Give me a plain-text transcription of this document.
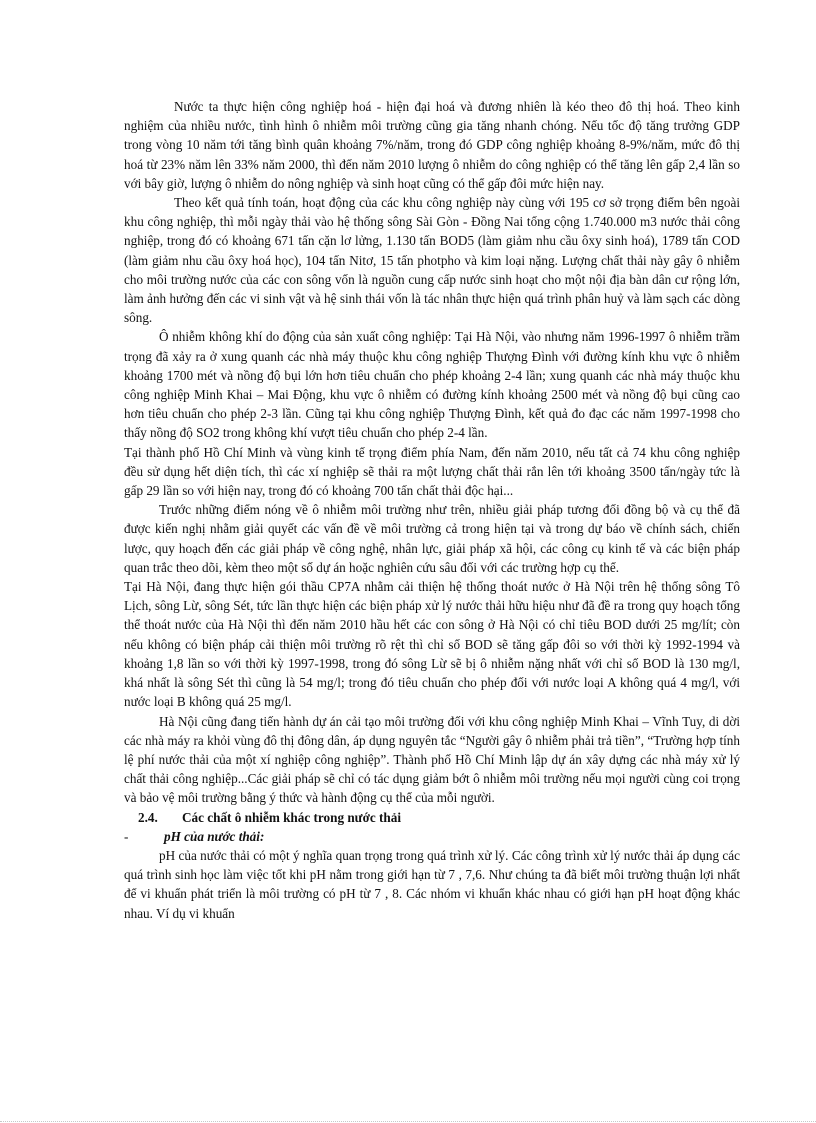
Nước ta thực hiện công nghiệp hoá - hiện đại hoá và đương nhiên là kéo theo đô thị hoá. Theo kinh nghiệm của nhiều nước, tình hình ô nhiễm môi trường cũng gia tăng nhanh chóng. Nếu tốc độ tăng trưởng GDP trong vòng 10 năm tới tăng bình quân khoảng 7%/năm, trong đó GDP công nghiệp khoảng 8-9%/năm, mức đô thị hoá từ 23% năm lên 33% năm 2000, thì đến năm 2010 lượng ô nhiễm do công nghiệp có thể tăng lên gấp 2,4 lần so với bây giờ, lượng ô nhiễm do nông nghiệp và sinh hoạt cũng có thể gấp đôi mức hiện nay.

Theo kết quả tính toán, hoạt động của các khu công nghiệp này cùng với 195 cơ sở trọng điểm bên ngoài khu công nghiệp, thì mỗi ngày thải vào hệ thống sông Sài Gòn - Đồng Nai tổng cộng 1.740.000 m3 nước thải công nghiệp, trong đó có khoảng 671 tấn cặn lơ lửng, 1.130 tấn BOD5 (làm giảm nhu cầu ôxy sinh hoá), 1789 tấn COD (làm giảm nhu cầu ôxy hoá học), 104 tấn Nitơ, 15 tấn photpho và kim loại nặng. Lượng chất thải này gây ô nhiễm cho môi trường nước của các con sông vốn là nguồn cung cấp nước sinh hoạt cho một nội địa bàn dân cư rộng lớn, làm ảnh hưởng đến các vi sinh vật và hệ sinh thái vốn là tác nhân thực hiện quá trình phân huỷ và làm sạch các dòng sông.

Ô nhiễm không khí do động của sản xuất công nghiệp: Tại Hà Nội, vào nhưng năm 1996-1997 ô nhiễm trầm trọng đã xảy ra ở xung quanh các nhà máy thuộc khu công nghiệp Thượng Đình với đường kính khu vực ô nhiễm khoảng 1700 mét và nồng độ bụi lớn hơn tiêu chuẩn cho phép khoảng 2-4 lần; xung quanh các nhà máy thuộc khu công nghiệp Minh Khai – Mai Động, khu vực ô nhiễm có đường kính khoảng 2500 mét và nồng độ bụi cũng cao hơn tiêu chuẩn cho phép 2-3 lần. Cũng tại khu công nghiệp Thượng Đình, kết quả đo đạc các năm 1997-1998 cho thấy nồng độ SO2 trong không khí vượt tiêu chuẩn cho phép 2-4 lần.

Tại thành phố Hồ Chí Minh và vùng kinh tế trọng điểm phía Nam, đến năm 2010, nếu tất cả 74 khu công nghiệp đều sử dụng hết diện tích, thì các xí nghiệp sẽ thải ra một lượng chất thải rắn lên tới khoảng 3500 tấn/ngày tức là gấp 29 lần so với hiện nay, trong đó có khoảng 700 tấn chất thải độc hại...

Trước những điểm nóng về ô nhiễm môi trường như trên, nhiều giải pháp tương đối đồng bộ và cụ thể đã được kiến nghị nhằm giải quyết các vấn đề về môi trường cả trong hiện tại và trong dự báo về chính sách, chiến lược, quy hoạch đến các giải pháp về công nghệ, nhân lực, giải pháp xã hội, các công cụ kinh tế và các biện pháp quan trắc theo dõi, kèm theo một số dự án hoặc nghiên cứu sâu đối với các trường hợp cụ thể.

Tại Hà Nội, đang thực hiện gói thầu CP7A nhằm cải thiện hệ thống thoát nước ở Hà Nội trên hệ thống sông Tô Lịch, sông Lừ, sông Sét, tức lần thực hiện các biện pháp xử lý nước thải hữu hiệu như đã đề ra trong quy hoạch tổng thể thoát nước của Hà Nội thì đến năm 2010 hầu hết các con sông ở Hà Nội có chỉ tiêu BOD dưới 25 mg/lít; còn nếu không có biện pháp cải thiện môi trường rõ rệt thì chỉ số BOD sẽ tăng gấp đôi so với thời kỳ 1992-1994 và khoảng 1,8 lần so với thời kỳ 1997-1998, trong đó sông Lừ sẽ bị ô nhiễm nặng nhất với chỉ số BOD là 130 mg/l, khá nhất là sông Sét thì cũng là 54 mg/l; trong đó tiêu chuẩn cho phép đối với nước loại A không quá 4 mg/l, với nước loại B không quá 25 mg/l.

Hà Nội cũng đang tiến hành dự án cải tạo môi trường đối với khu công nghiệp Minh Khai – Vĩnh Tuy, di dời các nhà máy ra khỏi vùng đô thị đông dân, áp dụng nguyên tắc “Người gây ô nhiễm phải trả tiền”, “Trường hợp tính lệ phí nước thải của một xí nghiệp công nghiệp”. Thành phố Hồ Chí Minh lập dự án xây dựng các nhà máy xử lý chất thải công nghiệp...Các giải pháp sẽ chỉ có tác dụng giảm bớt ô nhiễm môi trường nếu mọi người cùng coi trọng và bảo vệ môi trường bằng ý thức và hành động cụ thể của mỗi người.

2.4. Các chất ô nhiễm khác trong nước thải

-	pH của nước thải:

pH của nước thải có một ý nghĩa quan trọng trong quá trình xử lý. Các công trình xử lý nước thải áp dụng các quá trình sinh học làm việc tốt khi pH nằm trong giới hạn từ 7 , 7,6. Như chúng ta đã biết môi trường thuận lợi nhất để vi khuẩn phát triển là môi trường có pH từ 7 , 8. Các nhóm vi khuẩn khác nhau có giới hạn pH hoạt động khác nhau. Ví dụ vi khuẩn
